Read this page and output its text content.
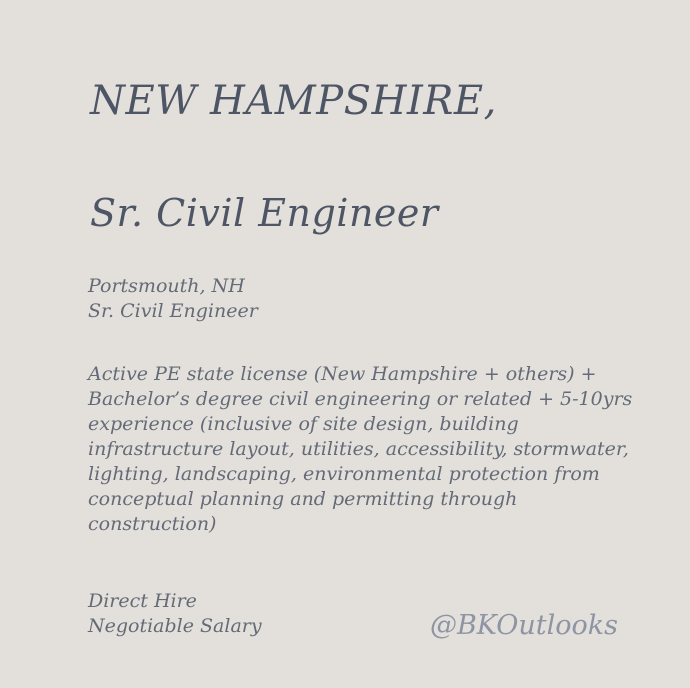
NEW HAMPSHIRE,
Sr. Civil Engineer
Portsmouth, NH
Sr. Civil Engineer
Active PE state license (New Hampshire + others) +
Bachelor’s degree civil engineering or related + 5-10yrs
experience (inclusive of site design, building
infrastructure layout, utilities, accessibility, stormwater,
lighting, landscaping, environmental protection from
conceptual planning and permitting through
construction)
Direct Hire
Negotiable Salary	@BKOutlooks
